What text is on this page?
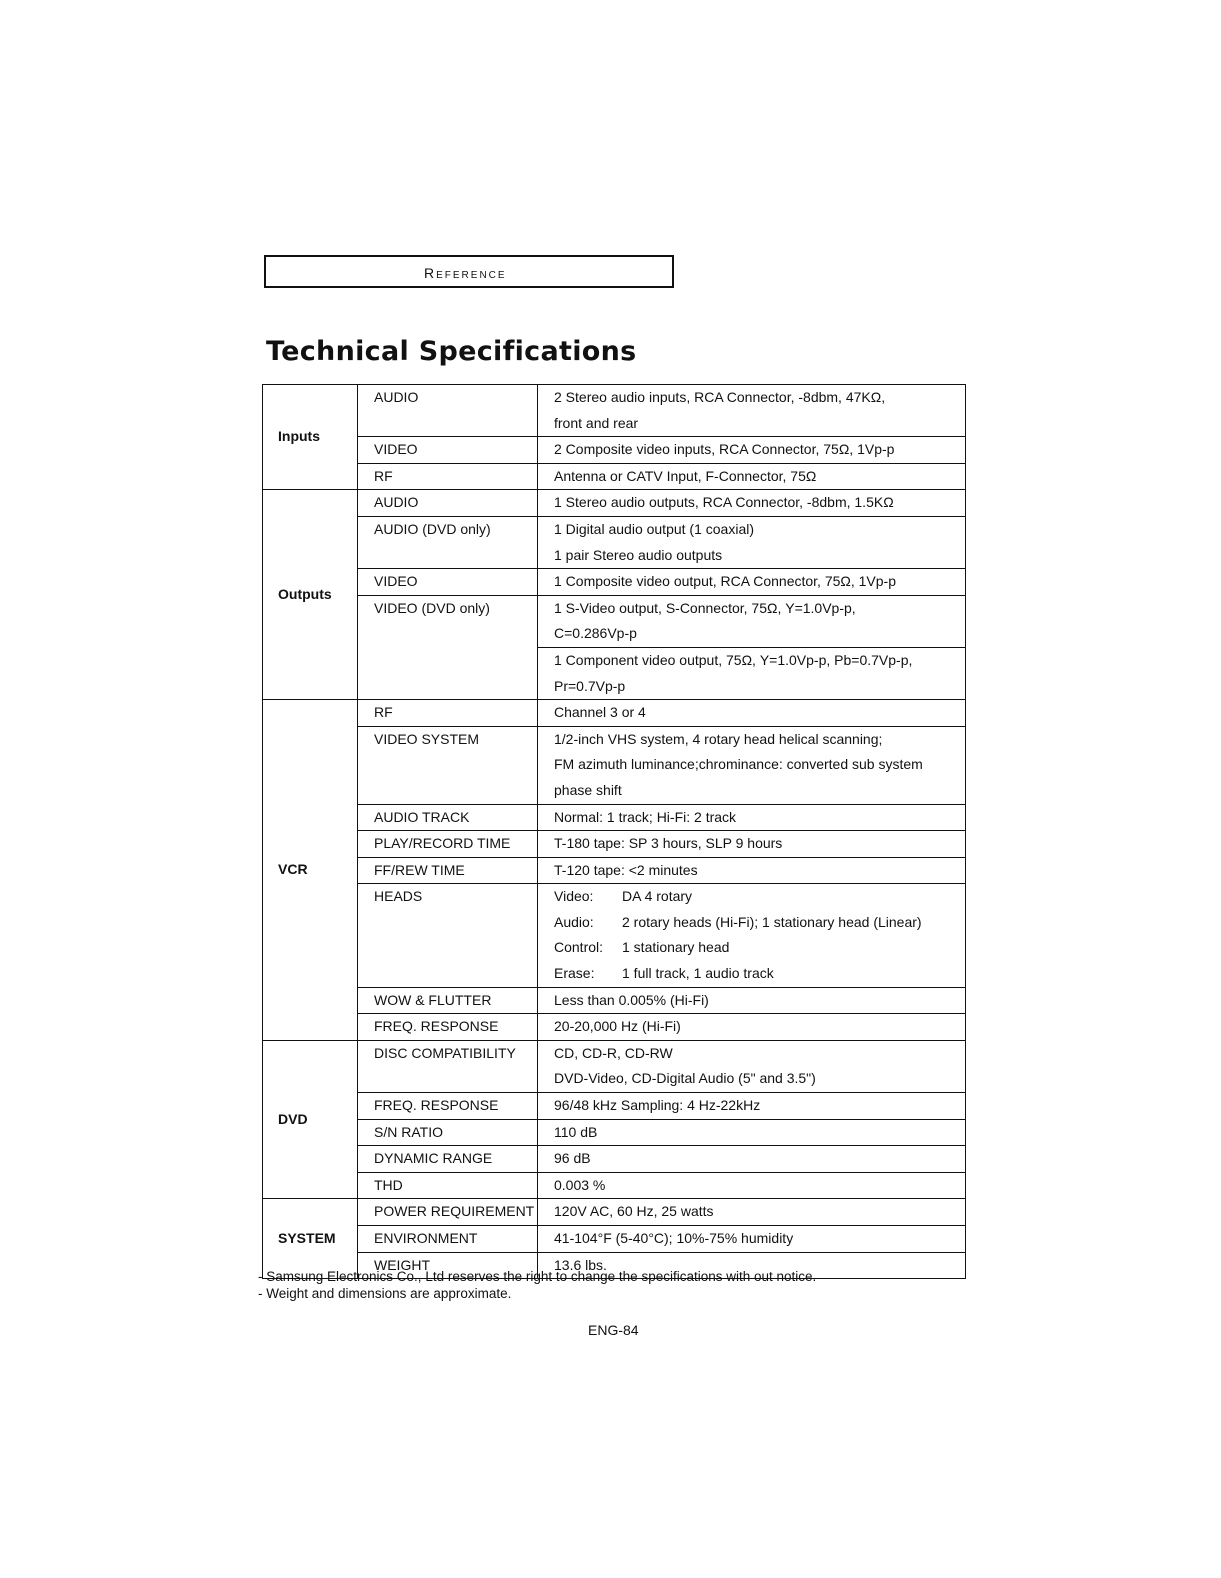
Reference
Technical Specifications
Inputs	AUDIO	2 Stereo audio inputs, RCA Connector, -8dbm, 47KΩ,
front and rear

	VIDEO	2 Composite video inputs, RCA Connector, 75Ω, 1Vp-p

	RF	Antenna or CATV Input, F-Connector, 75Ω

Outputs	AUDIO	1 Stereo audio outputs, RCA Connector, -8dbm, 1.5KΩ

	AUDIO (DVD only)	1 Digital audio output (1 coaxial)
1 pair Stereo audio outputs

	VIDEO	1 Composite video output, RCA Connector, 75Ω, 1Vp-p

	VIDEO (DVD only)	1 S-Video output, S-Connector, 75Ω, Y=1.0Vp-p,
C=0.286Vp-p

		1 Component video output, 75Ω, Y=1.0Vp-p, Pb=0.7Vp-p,
Pr=0.7Vp-p

VCR	RF	Channel 3 or 4

	VIDEO SYSTEM	1/2-inch VHS system, 4 rotary head helical scanning;
FM azimuth luminance;chrominance: converted sub system
phase shift

	AUDIO TRACK	Normal: 1 track; Hi-Fi: 2 track

	PLAY/RECORD TIME	T-180 tape: SP 3 hours, SLP 9 hours

	FF/REW TIME	T-120 tape: <2 minutes

	HEADS	Video: DA 4 rotary
Audio: 2 rotary heads (Hi-Fi); 1 stationary head (Linear)
Control: 1 stationary head
Erase: 1 full track, 1 audio track

	WOW & FLUTTER	Less than 0.005% (Hi-Fi)

	FREQ. RESPONSE	20-20,000 Hz (Hi-Fi)

DVD	DISC COMPATIBILITY	CD, CD-R, CD-RW
DVD-Video, CD-Digital Audio (5" and 3.5")

	FREQ. RESPONSE	96/48 kHz Sampling: 4 Hz-22kHz

	S/N RATIO	110 dB

	DYNAMIC RANGE	96 dB

	THD	0.003 %

SYSTEM	POWER REQUIREMENT	120V AC, 60 Hz, 25 watts

	ENVIRONMENT	41-104°F (5-40°C); 10%-75% humidity

	WEIGHT	13.6 lbs.
- Samsung Electronics Co., Ltd reserves the right to change the specifications with out notice.
- Weight and dimensions are approximate.
ENG-84
